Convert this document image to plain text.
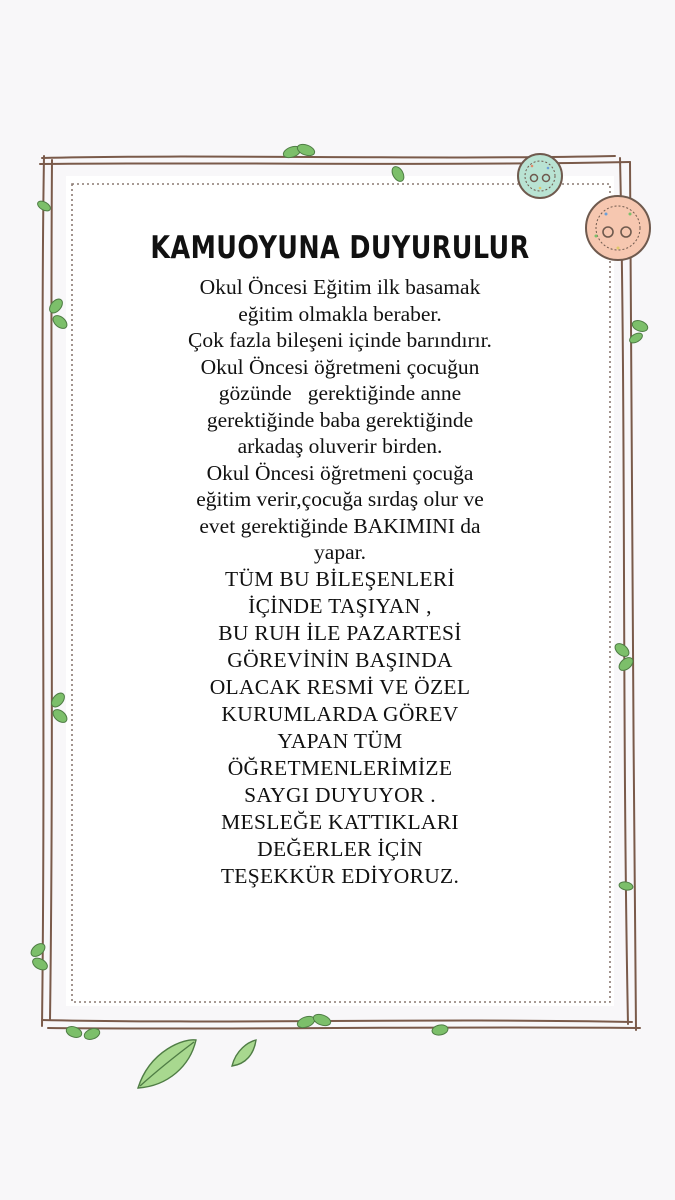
KAMUOYUNA DUYURULUR
Okul Öncesi Eğitim ilk basamak
eğitim olmakla beraber.
Çok fazla bileşeni içinde barındırır.
Okul Öncesi öğretmeni çocuğun
gözünde   gerektiğinde anne
gerektiğinde baba gerektiğinde
arkadaş oluverir birden.
Okul Öncesi öğretmeni çocuğa
eğitim verir,çocuğa sırdaş olur ve
evet gerektiğinde BAKIMINI da
yapar.
TÜM BU BİLEŞENLERİ
İÇİNDE TAŞIYAN ,
BU RUH İLE PAZARTESİ
GÖREVİNİN BAŞINDA
OLACAK RESMİ VE ÖZEL
KURUMLARDA GÖREV
YAPAN TÜM
ÖĞRETMENLERİMİZE
SAYGI DUYUYOR .
MESLEĞE KATTIKLARI
DEĞERLER İÇİN
TEŞEKKÜR EDİYORUZ.
